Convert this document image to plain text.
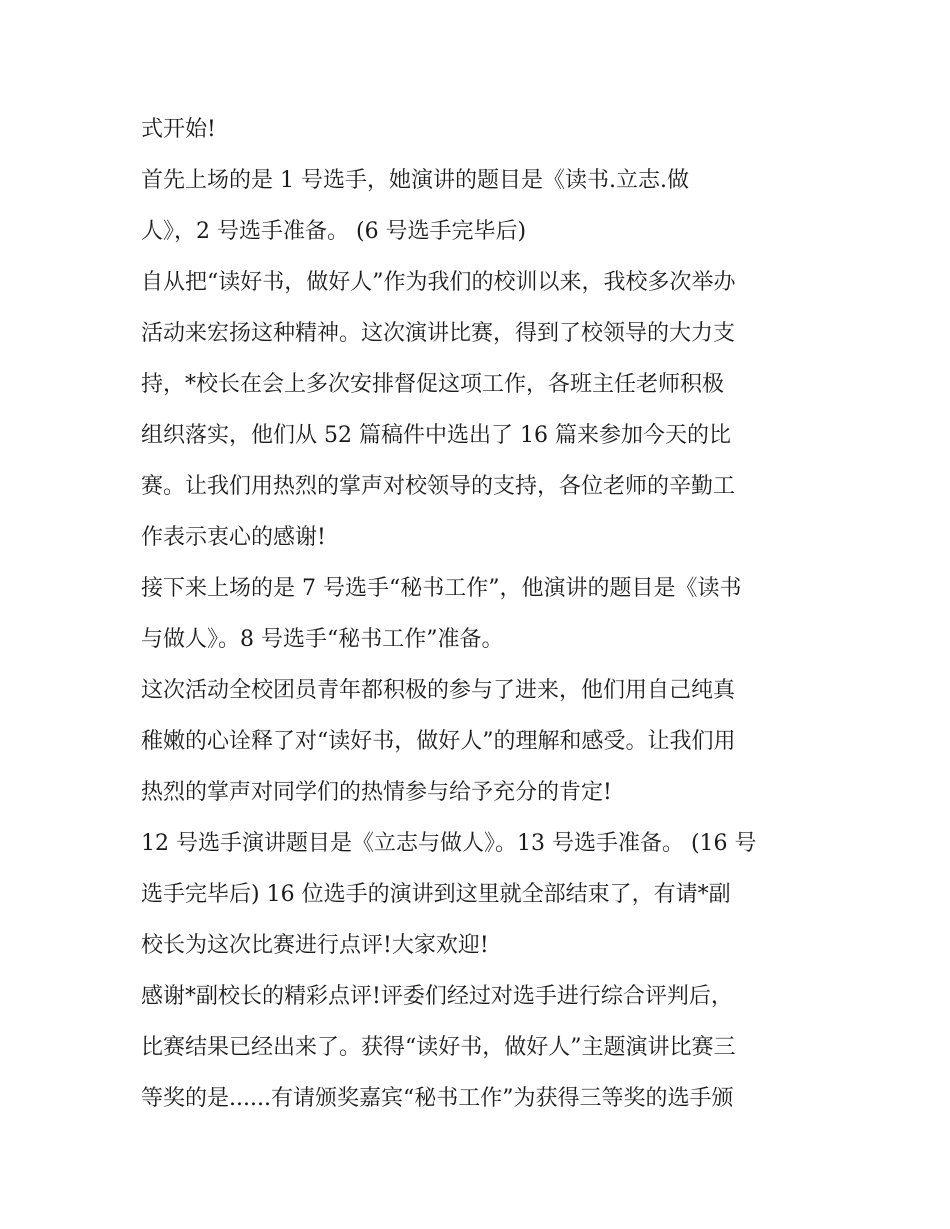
式开始!
首先上场的是 1 号选手，她演讲的题目是《读书.立志.做
人》，2 号选手准备。 (6 号选手完毕后)
自从把“读好书，做好人”作为我们的校训以来，我校多次举办
活动来宏扬这种精神。这次演讲比赛，得到了校领导的大力支
持，*校长在会上多次安排督促这项工作，各班主任老师积极
组织落实，他们从 52 篇稿件中选出了 16 篇来参加今天的比
赛。让我们用热烈的掌声对校领导的支持，各位老师的辛勤工
作表示衷心的感谢!
接下来上场的是 7 号选手“秘书工作”，他演讲的题目是《读书
与做人》。8 号选手“秘书工作”准备。
这次活动全校团员青年都积极的参与了进来，他们用自己纯真
稚嫩的心诠释了对“读好书，做好人”的理解和感受。让我们用
热烈的掌声对同学们的热情参与给予充分的肯定!
12 号选手演讲题目是《立志与做人》。13 号选手准备。 (16 号
选手完毕后) 16 位选手的演讲到这里就全部结束了，有请*副
校长为这次比赛进行点评!大家欢迎!
感谢*副校长的精彩点评!评委们经过对选手进行综合评判后，
比赛结果已经出来了。获得“读好书，做好人”主题演讲比赛三
等奖的是......有请颁奖嘉宾“秘书工作”为获得三等奖的选手颁
